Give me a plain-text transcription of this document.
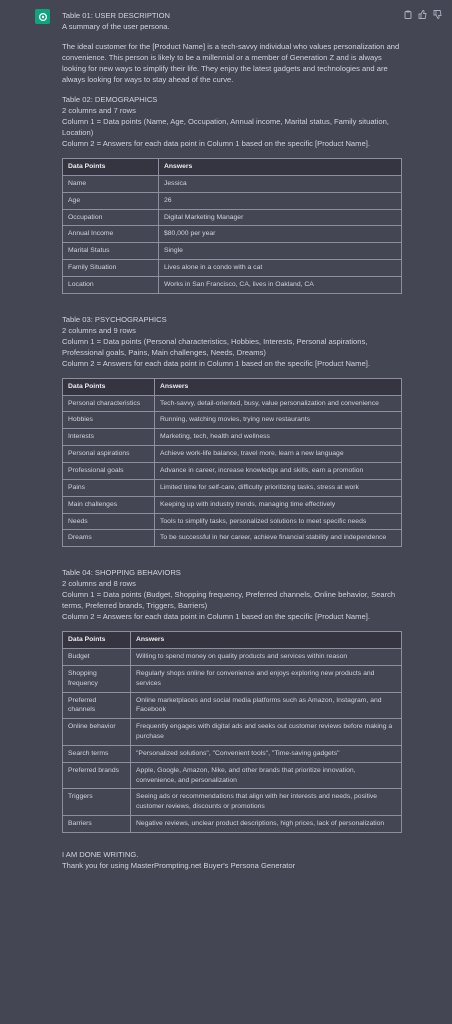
Table 01: USER DESCRIPTION

A summary of the user persona.

The ideal customer for the [Product Name] is a tech-savvy individual who values personalization and convenience. This person is likely to be a millennial or a member of Generation Z and is always looking for new ways to simplify their life. They enjoy the latest gadgets and technologies and are always looking for ways to stay ahead of the curve.

Table 02: DEMOGRAPHICS

2 columns and 7 rows

Column 1 = Data points (Name, Age, Occupation, Annual income, Marital status, Family situation, Location)

Column 2 = Answers for each data point in Column 1 based on the specific [Product Name].

Data Points	Answers
Name	Jessica
Age	26
Occupation	Digital Marketing Manager
Annual Income	$80,000 per year
Marital Status	Single
Family Situation	Lives alone in a condo with a cat
Location	Works in San Francisco, CA, lives in Oakland, CA

Table 03: PSYCHOGRAPHICS

2 columns and 9 rows

Column 1 = Data points (Personal characteristics, Hobbies, Interests, Personal aspirations, Professional goals, Pains, Main challenges, Needs, Dreams)

Column 2 = Answers for each data point in Column 1 based on the specific [Product Name].

Data Points	Answers
Personal characteristics	Tech-savvy, detail-oriented, busy, value personalization and convenience
Hobbies	Running, watching movies, trying new restaurants
Interests	Marketing, tech, health and wellness
Personal aspirations	Achieve work-life balance, travel more, learn a new language
Professional goals	Advance in career, increase knowledge and skills, earn a promotion
Pains	Limited time for self-care, difficulty prioritizing tasks, stress at work
Main challenges	Keeping up with industry trends, managing time effectively
Needs	Tools to simplify tasks, personalized solutions to meet specific needs
Dreams	To be successful in her career, achieve financial stability and independence

Table 04: SHOPPING BEHAVIORS

2 columns and 8 rows

Column 1 = Data points (Budget, Shopping frequency, Preferred channels, Online behavior, Search terms, Preferred brands, Triggers, Barriers)

Column 2 = Answers for each data point in Column 1 based on the specific [Product Name].

Data Points	Answers
Budget	Willing to spend money on quality products and services within reason
Shopping frequency	Regularly shops online for convenience and enjoys exploring new products and services
Preferred channels	Online marketplaces and social media platforms such as Amazon, Instagram, and Facebook
Online behavior	Frequently engages with digital ads and seeks out customer reviews before making a purchase
Search terms	"Personalized solutions", "Convenient tools", "Time-saving gadgets"
Preferred brands	Apple, Google, Amazon, Nike, and other brands that prioritize innovation, convenience, and personalization
Triggers	Seeing ads or recommendations that align with her interests and needs, positive customer reviews, discounts or promotions
Barriers	Negative reviews, unclear product descriptions, high prices, lack of personalization

I AM DONE WRITING.

Thank you for using MasterPrompting.net Buyer's Persona Generator
